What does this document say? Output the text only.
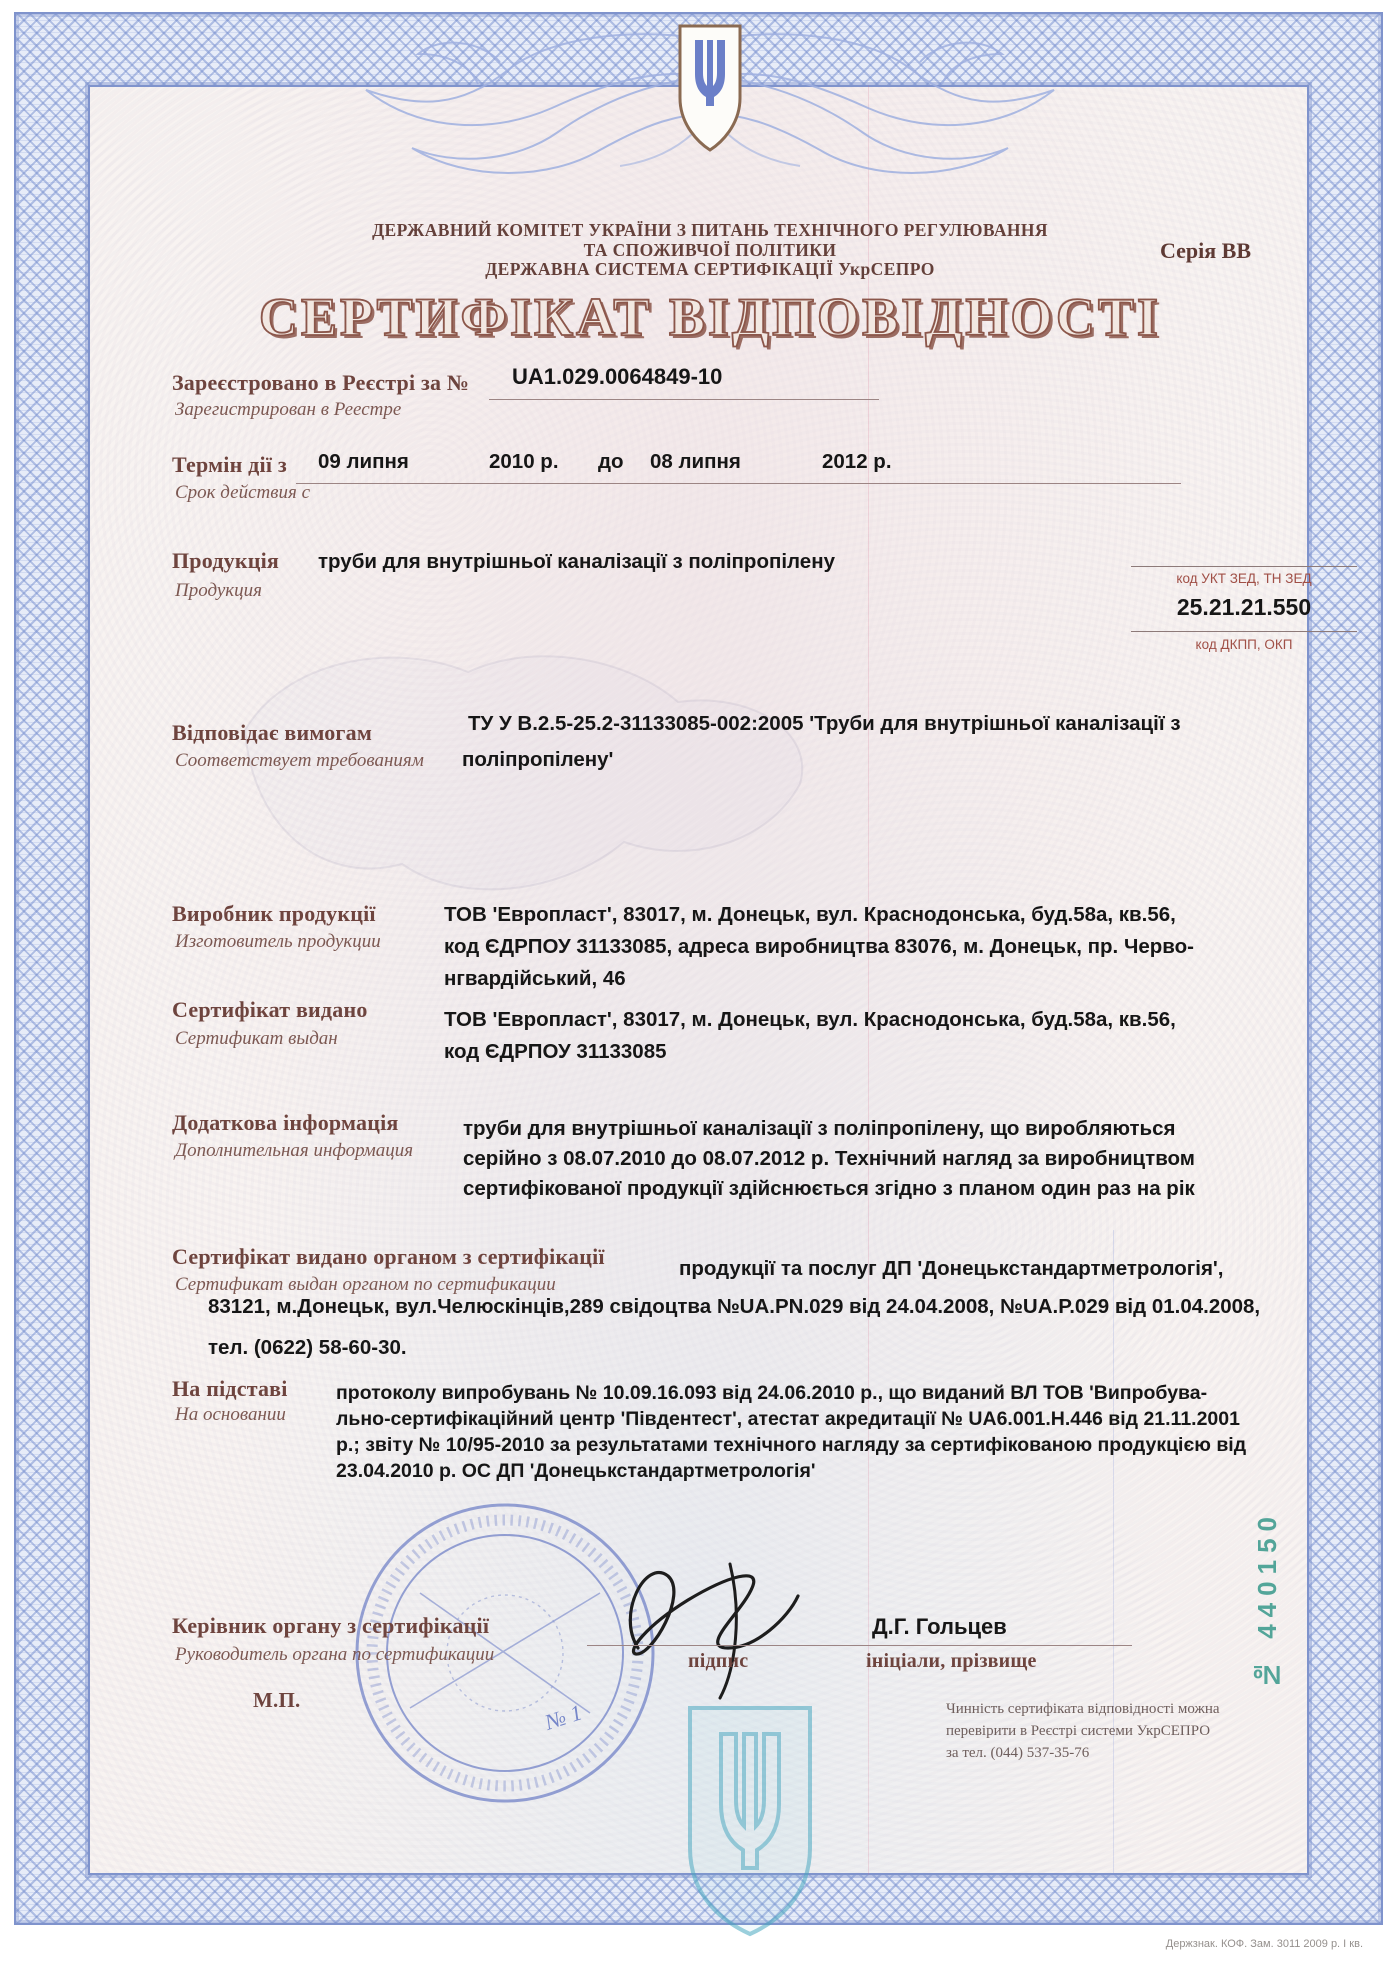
ДЕРЖАВНИЙ КОМІТЕТ УКРАЇНИ З ПИТАНЬ ТЕХНІЧНОГО РЕГУЛЮВАННЯ
ТА СПОЖИВЧОЇ ПОЛІТИКИ
ДЕРЖАВНА СИСТЕМА СЕРТИФІКАЦІЇ УкрСЕПРО
Серія ВВ
СЕРТИФІКАТ ВІДПОВІДНОСТІ
Зареєстровано в Реєстрі за № UA1.029.0064849-10
Зарегистрирован в Реестре
Термін дії з 09 липня	2010 р. до 08 липня	2012 р.
Срок действия с
Продукція
Продукция
труби для внутрішньої каналізації з поліпропілену
код УКТ ЗЕД, ТН ЗЕД
25.21.21.550
код ДКПП, ОКП
Відповідає вимогам
Соответствует требованиям
ТУ У В.2.5-25.2-31133085-002:2005 'Труби для внутрішньої каналізації з
поліпропілену'
Виробник продукції
Изготовитель продукции
ТОВ 'Европласт', 83017, м. Донецьк, вул. Краснодонська, буд.58а, кв.56,
код ЄДРПОУ 31133085, адреса виробництва 83076, м. Донецьк, пр. Черво-
нгвардійський, 46
Сертифікат видано
Сертификат выдан
ТОВ 'Европласт', 83017, м. Донецьк, вул. Краснодонська, буд.58а, кв.56,
код ЄДРПОУ 31133085
Додаткова інформація
Дополнительная информация
труби для внутрішньої каналізації з поліпропілену, що виробляються
серійно з 08.07.2010 до 08.07.2012 р. Технічний нагляд за виробництвом
сертифікованої продукції здійснюється згідно з планом один раз на рік
Сертифікат видано органом з сертифікації
Сертификат выдан органом по сертификации
продукції та послуг ДП 'Донецькстандартметрологія',
83121, м.Донецьк, вул.Челюскінців,289 свідоцтва №UA.PN.029 від 24.04.2008, №UA.P.029 від 01.04.2008,
тел. (0622) 58-60-30.
На підставі
На основании
протоколу випробувань № 10.09.16.093 від 24.06.2010 р., що виданий ВЛ ТОВ 'Випробува-
льно-сертифікаційний центр 'Південтест', атестат акредитації № UA6.001.Н.446 від 21.11.2001
р.; звіту № 10/95-2010 за результатами технічного нагляду за сертифікованою продукцією від
23.04.2010 р. ОС ДП 'Донецькстандартметрологія'
№ 440150
№ 1
Керівник органу з сертифікації
Руководитель органа по сертификации	підпис
Д.Г. Гольцев
ініціали, прізвище
М.П.	Чинність сертифіката відповідності можна
перевірити в Реєстрі системи УкрСЕПРО
за тел. (044) 537-35-76
Держзнак. КОФ. Зам. 3011 2009 р. І кв.
